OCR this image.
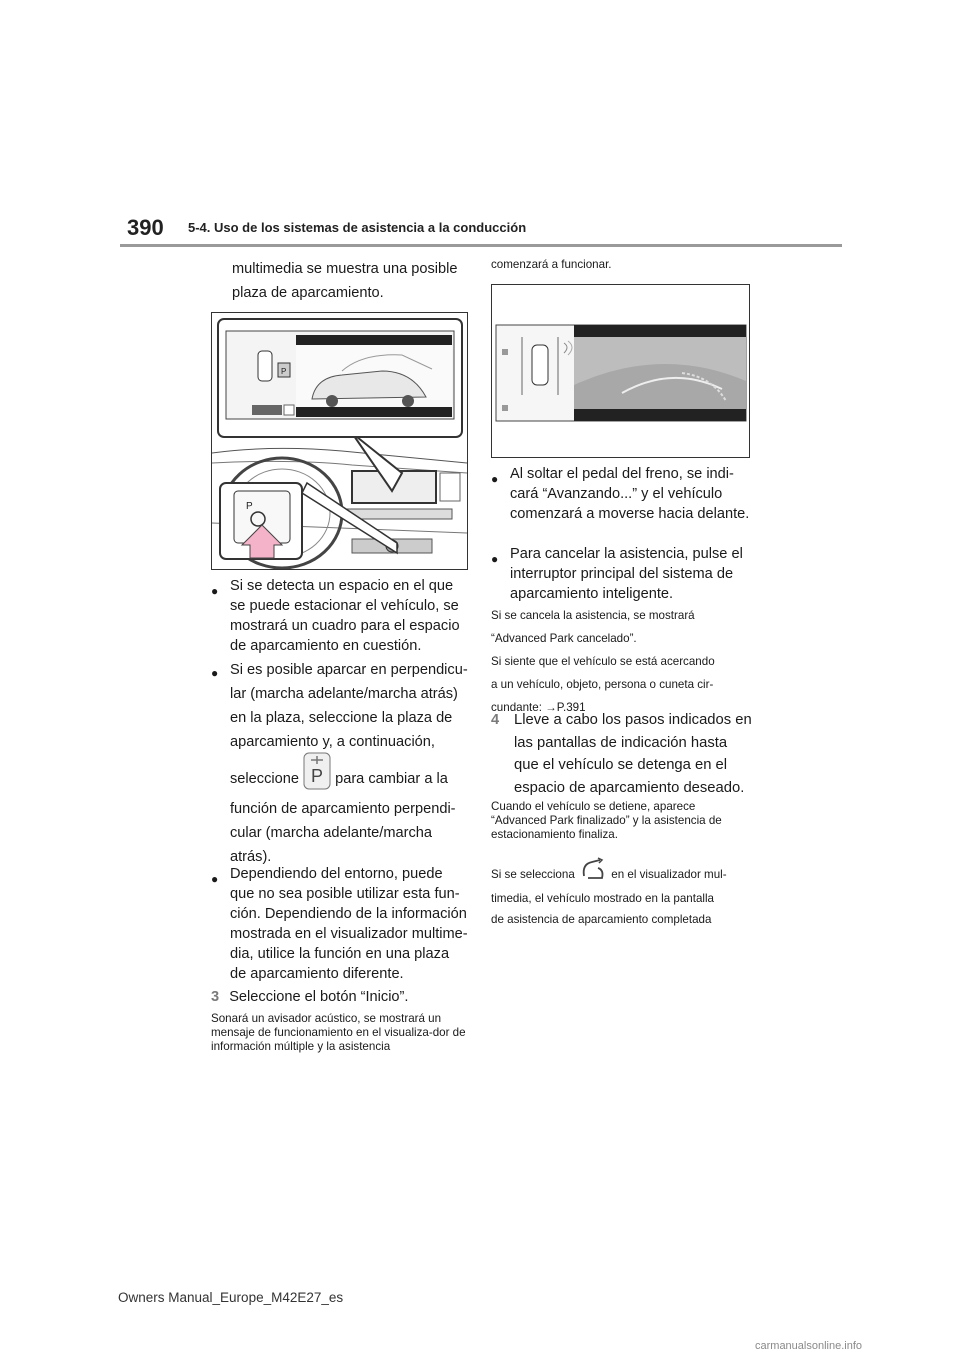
390 5-4. Uso de los sistemas de asistencia a la conducción
multimedia se muestra una posible
plaza de aparcamiento.
P
P
● Si se detecta un espacio en el que se puede estacionar el vehículo, se mostrará un cuadro para el espacio de aparcamiento en cuestión.
● Si es posible aparcar en perpendicu-lar (marcha adelante/marcha atrás) en la plaza, seleccione la plaza de aparcamiento y, a continuación,
seleccione P para cambiar a la
función de aparcamiento perpendi-cular (marcha adelante/marcha atrás).
● Dependiendo del entorno, puede que no sea posible utilizar esta fun-ción. Dependiendo de la información mostrada en el visualizador multime-dia, utilice la función en una plaza de aparcamiento diferente.
3 Seleccione el botón “Inicio”.
Sonará un avisador acústico, se mostrará un mensaje de funcionamiento en el visualiza-dor de información múltiple y la asistencia
comenzará a funcionar.
● Al soltar el pedal del freno, se indi-cará “Avanzando...” y el vehículo comenzará a moverse hacia delante.
● Para cancelar la asistencia, pulse el interruptor principal del sistema de aparcamiento inteligente.
Si se cancela la asistencia, se mostrará
“Advanced Park cancelado”.
Si siente que el vehículo se está acercando
a un vehículo, objeto, persona o cuneta cir-
cundante: →P.391
4	Lleve a cabo los pasos indicados en las pantallas de indicación hasta que el vehículo se detenga en el espacio de aparcamiento deseado.
Cuando el vehículo se detiene, aparece “Advanced Park finalizado” y la asistencia de estacionamiento finaliza.
Si se selecciona	en el visualizador mul-
timedia, el vehículo mostrado en la pantalla
de asistencia de aparcamiento completada
Owners Manual_Europe_M42E27_es
carmanualsonline.info
